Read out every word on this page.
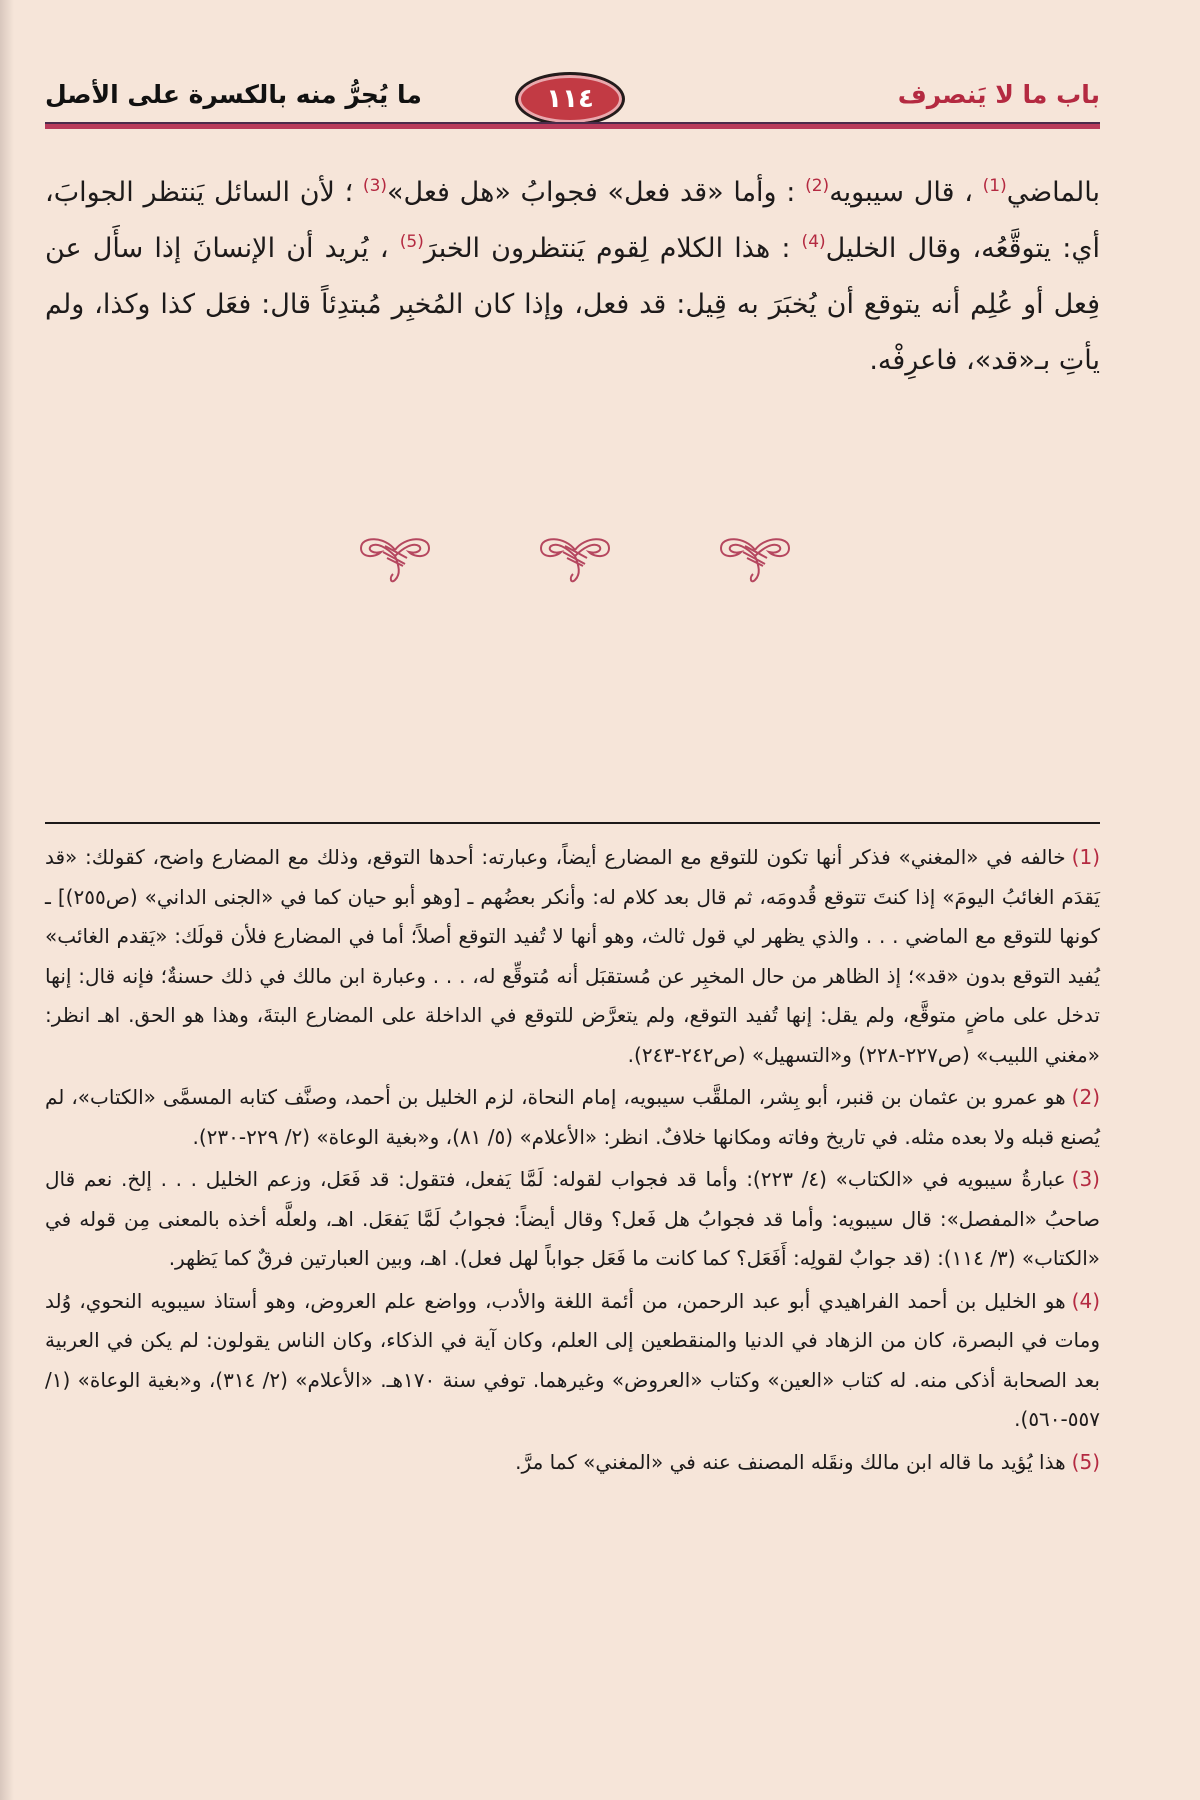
باب ما لا يَنصرف
١١٤
ما يُجرُّ منه بالكسرة على الأصل

بالماضي$^{(1)}$ ، قال سيبويه$^{(2)}$ : وأما «قد فعل» فجوابُ «هل فعل»$^{(3)}$ ؛ لأن السائل يَنتظر الجوابَ، أي: يتوقَّعُه، وقال الخليل$^{(4)}$ : هذا الكلام لِقوم يَنتظرون الخبرَ$^{(5)}$ ، يُريد أن الإنسانَ إذا سأَل عن فِعل أو عُلِم أنه يتوقع أن يُخبَرَ به قِيل: قد فعل، وإذا كان المُخبِر مُبتدِئاً قال: فعَل كذا وكذا، ولم يأتِ بـ«قد»، فاعرِفْه.

(1)خالفه في «المغني» فذكر أنها تكون للتوقع مع المضارع أيضاً، وعبارته: أحدها التوقع، وذلك مع المضارع واضح، كقولك: «قد يَقدَم الغائبُ اليومَ» إذا كنتَ تتوقع قُدومَه، ثم قال بعد كلام له: وأنكر بعضُهم ـ [وهو أبو حيان كما في «الجنى الداني» (ص٢٥٥)] ـ كونها للتوقع مع الماضي . . . والذي يظهر لي قول ثالث، وهو أنها لا تُفيد التوقع أصلاً؛ أما في المضارع فلأن قولَك: «يَقدم الغائب» يُفيد التوقع بدون «قد»؛ إذ الظاهر من حال المخبِر عن مُستقبَل أنه مُتوقِّع له، . . . وعبارة ابن مالك في ذلك حسنةٌ؛ فإنه قال: إنها تدخل على ماضٍ متوقَّع، ولم يقل: إنها تُفيد التوقع، ولم يتعرَّض للتوقع في الداخلة على المضارع البتةَ، وهذا هو الحق. اهـ انظر: «مغني اللبيب» (ص٢٢٧-٢٢٨) و«التسهيل» (ص٢٤٢-٢٤٣).

(2)هو عمرو بن عثمان بن قنبر، أبو بِشر، الملقَّب سيبويه، إمام النحاة، لزم الخليل بن أحمد، وصنَّف كتابه المسمَّى «الكتاب»، لم يُصنع قبله ولا بعده مثله. في تاريخ وفاته ومكانها خلافٌ. انظر: «الأعلام» (٥/ ٨١)، و«بغية الوعاة» (٢/ ٢٢٩-٢٣٠).

(3)عبارةُ سيبويه في «الكتاب» (٤/ ٢٢٣): وأما قد فجواب لقوله: لَمَّا يَفعل، فتقول: قد فَعَل، وزعم الخليل . . . إلخ. نعم قال صاحبُ «المفصل»: قال سيبويه: وأما قد فجوابُ هل فَعل؟ وقال أيضاً: فجوابُ لَمَّا يَفعَل. اهـ، ولعلَّه أخذه بالمعنى مِن قوله في «الكتاب» (٣/ ١١٤): (قد جوابٌ لقولِه: أَفَعَل؟ كما كانت ما فَعَل جواباً لهل فعل). اهـ، وبين العبارتين فرقٌ كما يَظهر.

(4)هو الخليل بن أحمد الفراهيدي أبو عبد الرحمن، من أئمة اللغة والأدب، وواضع علم العروض، وهو أستاذ سيبويه النحوي، وُلد ومات في البصرة، كان من الزهاد في الدنيا والمنقطعين إلى العلم، وكان آية في الذكاء، وكان الناس يقولون: لم يكن في العربية بعد الصحابة أذكى منه. له كتاب «العين» وكتاب «العروض» وغيرهما. توفي سنة ١٧٠هـ. «الأعلام» (٢/ ٣١٤)، و«بغية الوعاة» (١/ ٥٥٧-٥٦٠).

(5)هذا يُؤيد ما قاله ابن مالك ونقَله المصنف عنه في «المغني» كما مرَّ.
